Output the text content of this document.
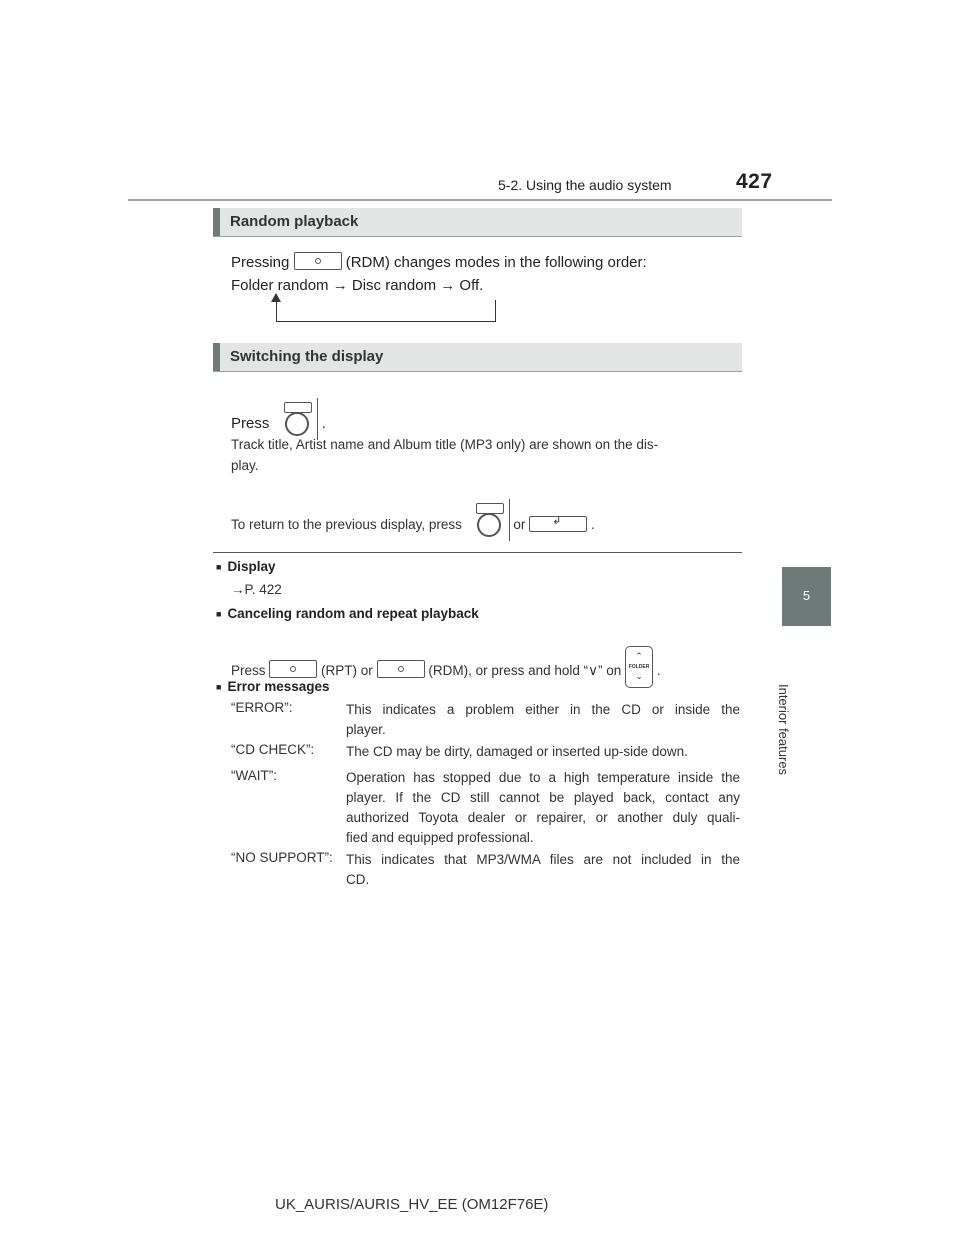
5-2. Using the audio system	427
5
Interior features
Random playback
Pressing	(RDM) changes modes in the following order:
Folder random → Disc random → Off.
Switching the display
Press	.
Track title, Artist name and Album title (MP3 only) are shown on the dis-
play.
To return to the previous display, press	or ↲	.
■ Display
→P. 422
■ Canceling random and repeat playback
Press	(RPT) or	(RDM), or press and hold “∨” on
⌃
FOLDER
⌄	.
■ Error messages
“ERROR”:	This indicates a problem either in the CD or inside the
player.
“CD CHECK”:	The CD may be dirty, damaged or inserted up-side down.
“WAIT”:	Operation has stopped due to a high temperature inside the
player. If the CD still cannot be played back, contact any
authorized Toyota dealer or repairer, or another duly quali-
fied and equipped professional.
“NO SUPPORT”: This indicates that MP3/WMA files are not included in the
CD.
UK_AURIS/AURIS_HV_EE (OM12F76E)
